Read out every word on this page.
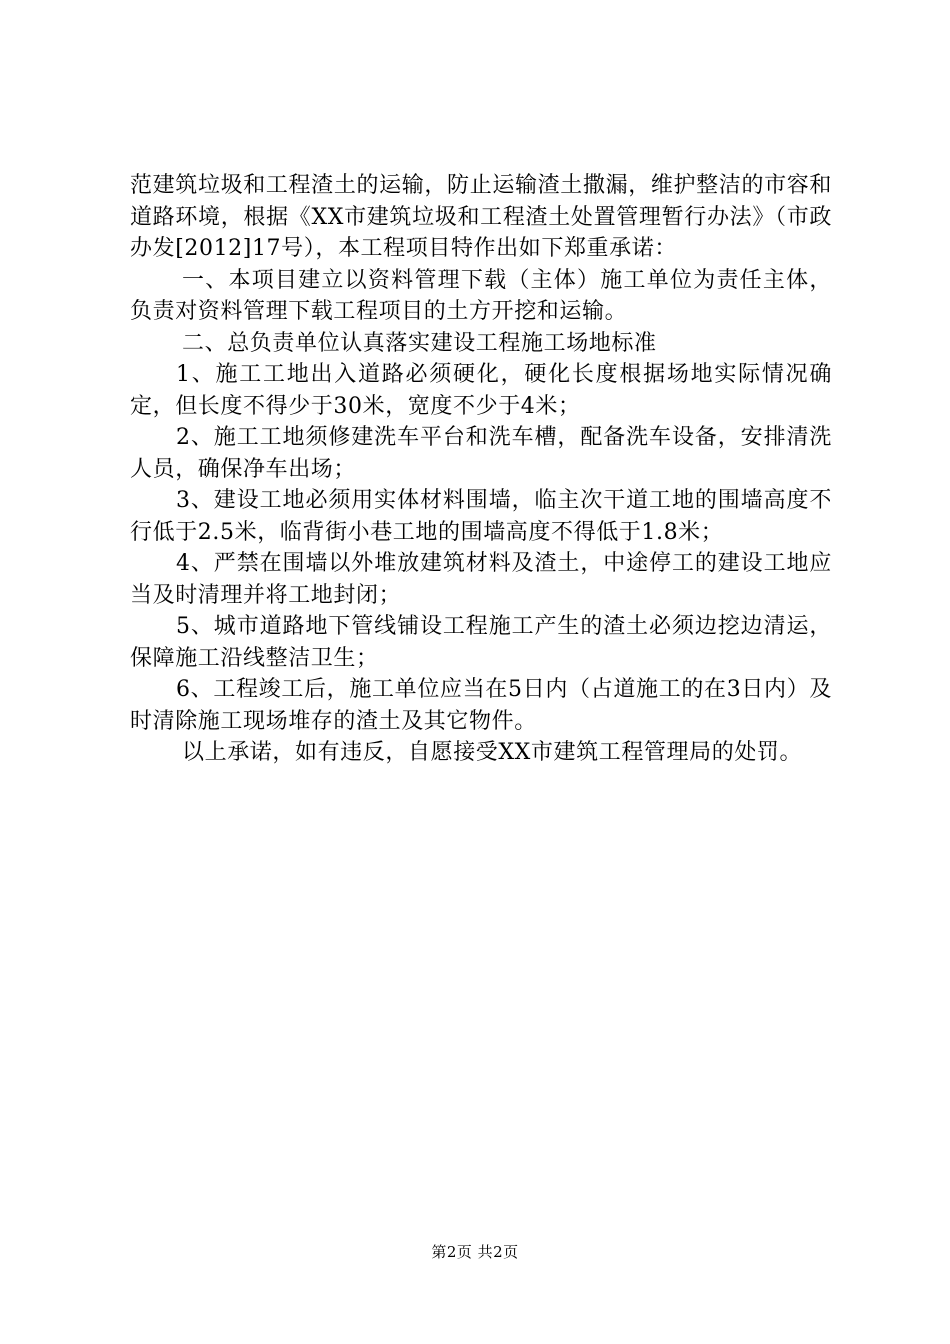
范建筑垃圾和工程渣土的运输，防止运输渣土撒漏，维护整洁的市容和道路环境，根据《XX市建筑垃圾和工程渣土处置管理暂行办法》（市政办发[2012]17号），本工程项目特作出如下郑重承诺：

一、本项目建立以资料管理下载（主体）施工单位为责任主体，负责对资料管理下载工程项目的土方开挖和运输。

二、总负责单位认真落实建设工程施工场地标准

1、施工工地出入道路必须硬化，硬化长度根据场地实际情况确定，但长度不得少于30米，宽度不少于4米；

2、施工工地须修建洗车平台和洗车槽，配备洗车设备，安排清洗人员，确保净车出场；

3、建设工地必须用实体材料围墙，临主次干道工地的围墙高度不行低于2.5米，临背街小巷工地的围墙高度不得低于1.8米；

4、严禁在围墙以外堆放建筑材料及渣土，中途停工的建设工地应当及时清理并将工地封闭；

5、城市道路地下管线铺设工程施工产生的渣土必须边挖边清运，保障施工沿线整洁卫生；

6、工程竣工后，施工单位应当在5日内（占道施工的在3日内）及时清除施工现场堆存的渣土及其它物件。

以上承诺，如有违反，自愿接受XX市建筑工程管理局的处罚。

第2页 共2页
